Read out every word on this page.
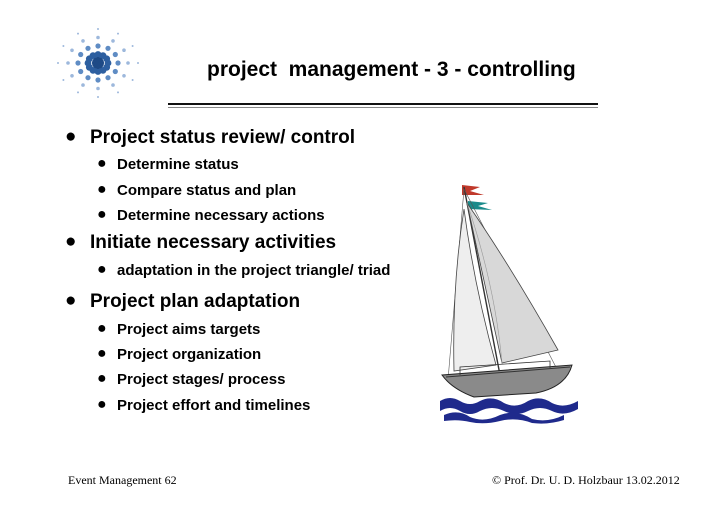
project  management - 3 - controlling
● Project status review/ control
● Determine status
● Compare status and plan
● Determine necessary actions
● Initiate necessary activities
● adaptation in the project triangle/ triad
● Project plan adaptation
● Project aims targets
● Project organization
● Project stages/ process
● Project effort and timelines
Event Management 62	© Prof. Dr. U. D. Holzbaur 13.02.2012
